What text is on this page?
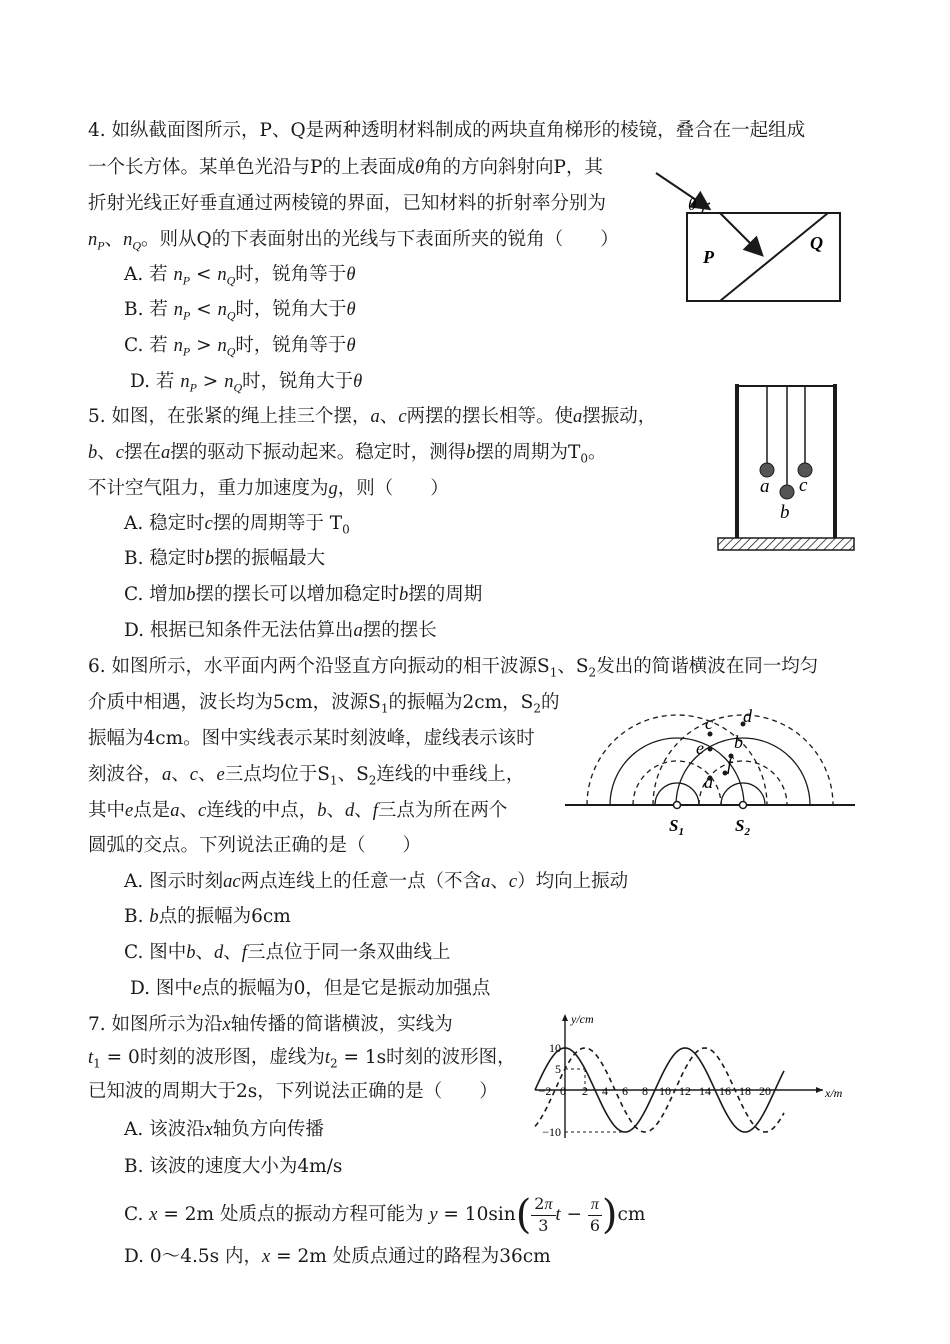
4. 如纵截面图所示，P、Q是两种透明材料制成的两块直角梯形的棱镜，叠合在一起组成
一个长方体。某单色光沿与P的上表面成θ角的方向斜射向P，其
折射光线正好垂直通过两棱镜的界面，已知材料的折射率分别为
$n_P$、$n_Q$。则从Q的下表面射出的光线与下表面所夹的锐角（　　）
A. 若 $n_P < n_Q$时，锐角等于θ
B. 若 $n_P < n_Q$时，锐角大于θ
C. 若 $n_P > n_Q$时，锐角等于θ
D. 若 $n_P > n_Q$时，锐角大于θ
θ
P
Q
5. 如图，在张紧的绳上挂三个摆，a、c两摆的摆长相等。使a摆振动，
b、c摆在a摆的驱动下振动起来。稳定时，测得b摆的周期为$T_0$。
不计空气阻力，重力加速度为g，则（　　）
A. 稳定时c摆的周期等于 $T_0$
B. 稳定时b摆的振幅最大
C. 增加b摆的摆长可以增加稳定时b摆的周期
D. 根据已知条件无法估算出a摆的摆长
a
b
c
6. 如图所示，水平面内两个沿竖直方向振动的相干波源$S_1$、$S_2$发出的简谐横波在同一均匀
介质中相遇，波长均为5cm，波源$S_1$的振幅为2cm，$S_2$的
振幅为4cm。图中实线表示某时刻波峰，虚线表示该时
刻波谷，a、c、e三点均位于$S_1$、$S_2$连线的中垂线上，
其中e点是a、c连线的中点，b、d、f三点为所在两个
圆弧的交点。下列说法正确的是（　　）
A. 图示时刻ac两点连线上的任意一点（不含a、c）均向上振动
B. b点的振幅为6cm
C. 图中b、d、f三点位于同一条双曲线上
D. 图中e点的振幅为0，但是它是振动加强点
a
b
c d
e
f
$S_1$	$S_2$
7. 如图所示为沿x轴传播的简谐横波，实线为
$t_1 = 0$时刻的波形图，虚线为$t_2 = 1s$时刻的波形图，
已知波的周期大于2s，下列说法正确的是（　　）
A. 该波沿x轴负方向传播
B. 该波的速度大小为4m/s
C. x = 2m 处质点的振动方程可能为 $y = 10\sin( \frac{2\pi}{3}$ $t - \frac{\pi}{6} )cm$
D. 0～4.5s 内，x = 2m 处质点通过的路程为36cm
y/cm
x/m
0
−2	2 4 6 8 10 12 14 16 18 20
10
5
−10
